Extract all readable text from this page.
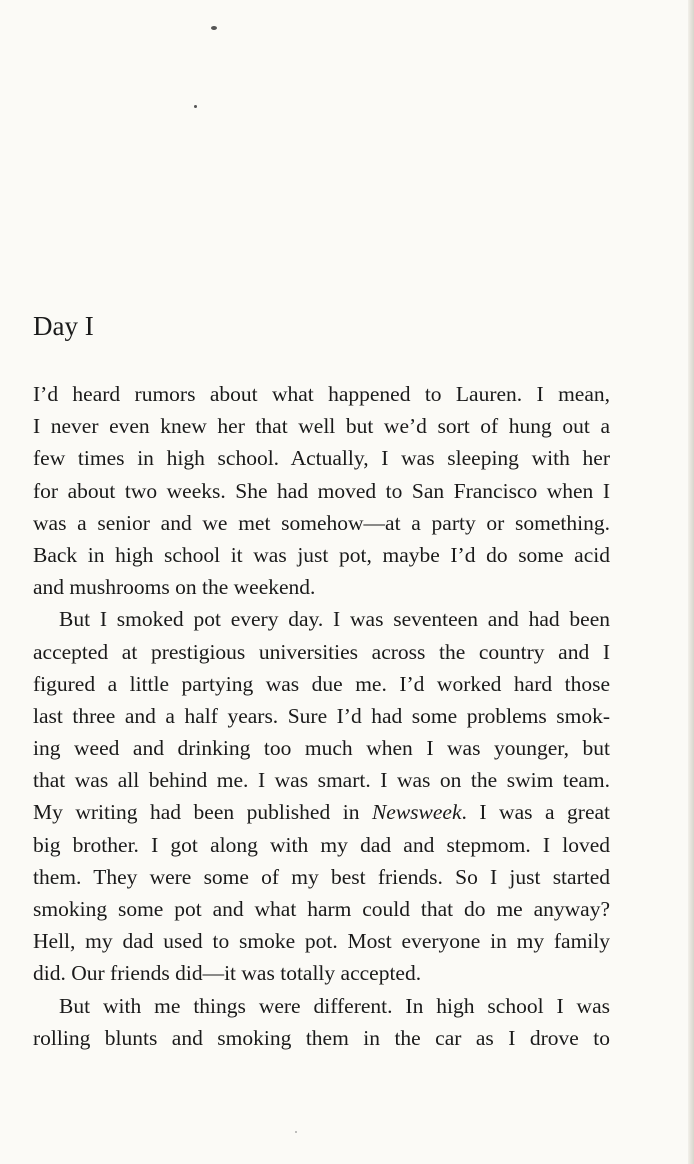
Day I
I’d heard rumors about what happened to Lauren. I mean,
I never even knew her that well but we’d sort of hung out a
few times in high school. Actually, I was sleeping with her
for about two weeks. She had moved to San Francisco when I
was a senior and we met somehow—at a party or something.
Back in high school it was just pot, maybe I’d do some acid
and mushrooms on the weekend.
But I smoked pot every day. I was seventeen and had been
accepted at prestigious universities across the country and I
figured a little partying was due me. I’d worked hard those
last three and a half years. Sure I’d had some problems smok-
ing weed and drinking too much when I was younger, but
that was all behind me. I was smart. I was on the swim team.
My writing had been published in Newsweek. I was a great
big brother. I got along with my dad and stepmom. I loved
them. They were some of my best friends. So I just started
smoking some pot and what harm could that do me anyway?
Hell, my dad used to smoke pot. Most everyone in my family
did. Our friends did—it was totally accepted.
But with me things were different. In high school I was
rolling blunts and smoking them in the car as I drove to
